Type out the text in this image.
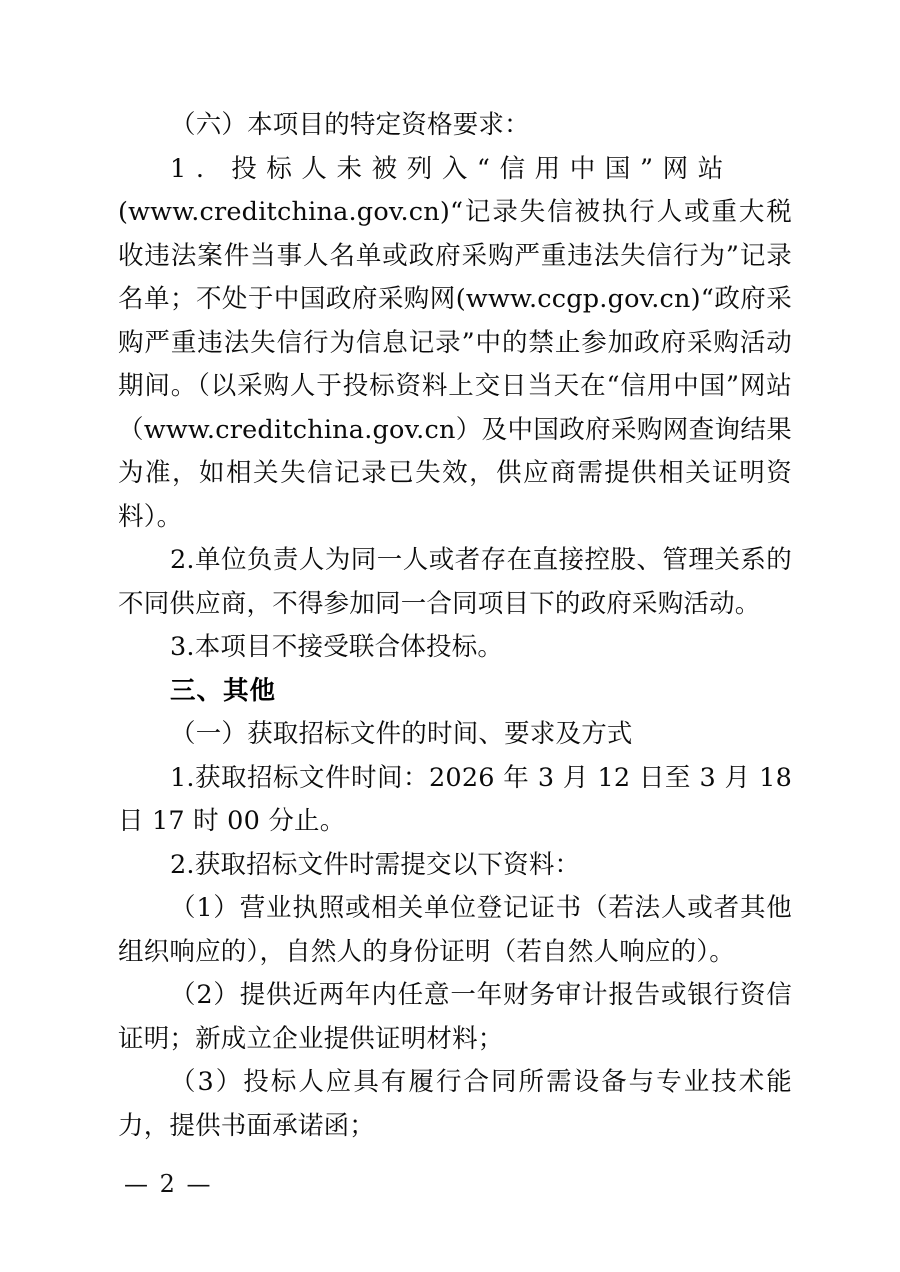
（六）本项目的特定资格要求：

1. 投标人未被列入“信用中国”网站
(www.creditchina.gov.cn)“记录失信被执行人或重大税收违法案件当事人名单或政府采购严重违法失信行为”记录名单；不处于中国政府采购网(www.ccgp.gov.cn)“政府采购严重违法失信行为信息记录”中的禁止参加政府采购活动期间。（以采购人于投标资料上交日当天在“信用中国”网站（www.creditchina.gov.cn）及中国政府采购网查询结果为准，如相关失信记录已失效，供应商需提供相关证明资料）。

2.单位负责人为同一人或者存在直接控股、管理关系的不同供应商，不得参加同一合同项目下的政府采购活动。

3.本项目不接受联合体投标。

三、其他

（一）获取招标文件的时间、要求及方式

1.获取招标文件时间：2026 年 3 月 12 日至 3 月 18 日 17 时 00 分止。

2.获取招标文件时需提交以下资料：

（1）营业执照或相关单位登记证书（若法人或者其他组织响应的），自然人的身份证明（若自然人响应的）。

（2）提供近两年内任意一年财务审计报告或银行资信证明；新成立企业提供证明材料；

（3）投标人应具有履行合同所需设备与专业技术能力，提供书面承诺函；

— 2 —
